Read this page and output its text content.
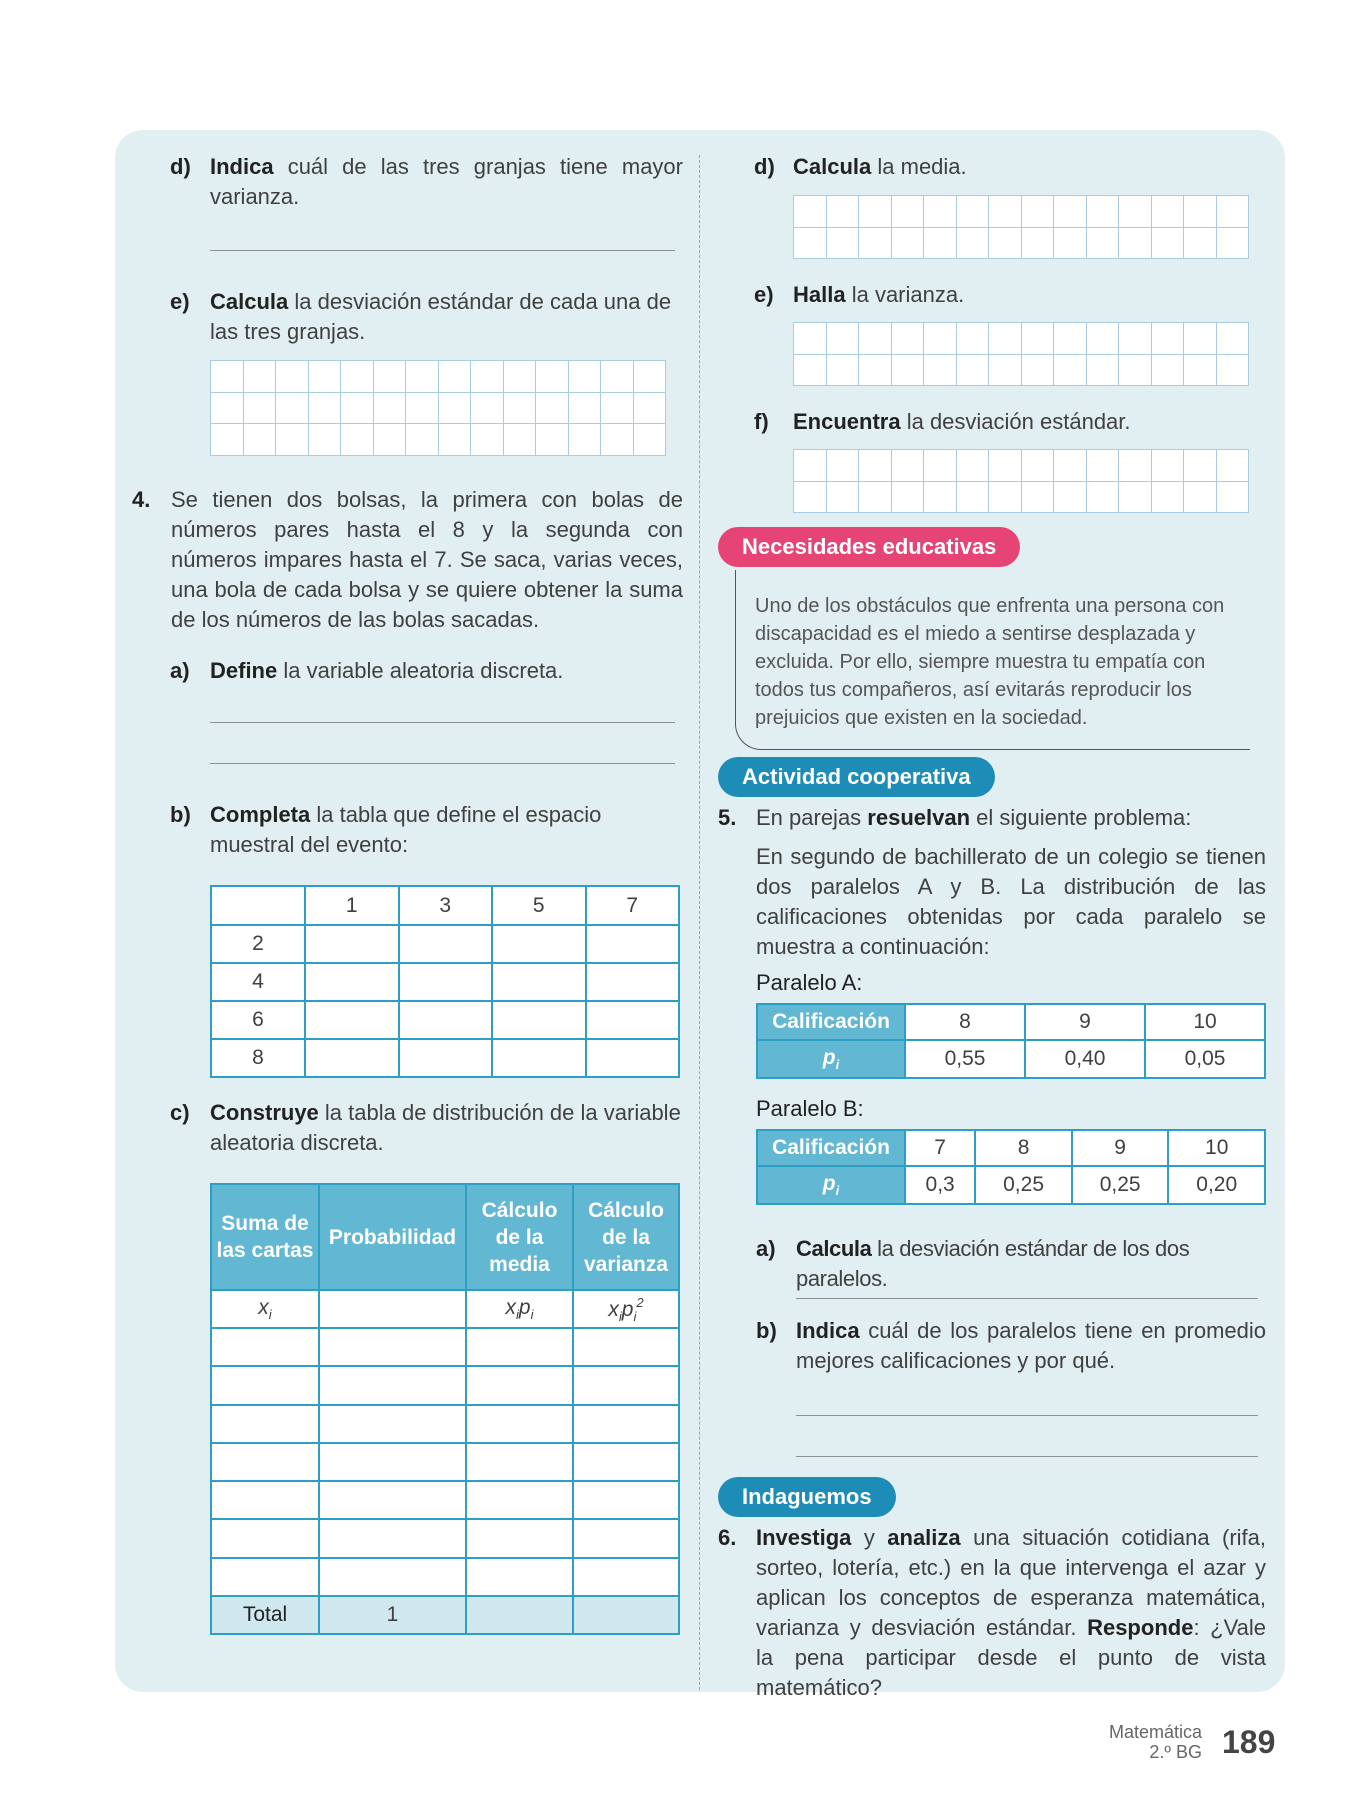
d) Indica cuál de las tres granjas tiene mayor varianza.
e) Calcula la desviación estándar de cada una de las tres granjas.

4. Se tienen dos bolsas, la primera con bolas de números pares hasta el 8 y la segunda con números impares hasta el 7. Se saca, varias veces, una bola de cada bolsa y se quiere obtener la suma de los números de las bolas sacadas.
a) Define la variable aleatoria discreta.
b) Completa la tabla que define el espacio muestral del evento:
	1	3	5	7
2				
4				
6				
8				
c) Construye la tabla de distribución de la variable aleatoria discreta.
Suma de las cartas	Probabilidad	Cálculo de la media	Cálculo de la varianza
$x_i$		$x_ip_i$	$x_ip_i^2$

Total	1		
d) Calcula la media.

e) Halla la varianza.

f) Encuentra la desviación estándar.

Necesidades educativas
Uno de los obstáculos que enfrenta una persona con discapacidad es el miedo a sentirse desplazada y excluida. Por ello, siempre muestra tu empatía con todos tus compañeros, así evitarás reproducir los prejuicios que existen en la sociedad.
Actividad cooperativa
5. En parejas resuelvan el siguiente problema:
En segundo de bachillerato de un colegio se tienen dos paralelos A y B. La distribución de las calificaciones obtenidas por cada paralelo se muestra a continuación:
Paralelo A:
Calificación	8	9	10
$p_i$	0,55	0,40	0,05
Paralelo B:
Calificación	7	8	9	10
$p_i$	0,3	0,25	0,25	0,20
a) Calcula la desviación estándar de los dos paralelos.
b) Indica cuál de los paralelos tiene en promedio mejores calificaciones y por qué.
Indaguemos
6. Investiga y analiza una situación cotidiana (rifa, sorteo, lotería, etc.) en la que intervenga el azar y aplican los conceptos de esperanza matemática, varianza y desviación estándar. Responde: ¿Vale la pena participar desde el punto de vista matemático?
Matemática
2.º BG 189
